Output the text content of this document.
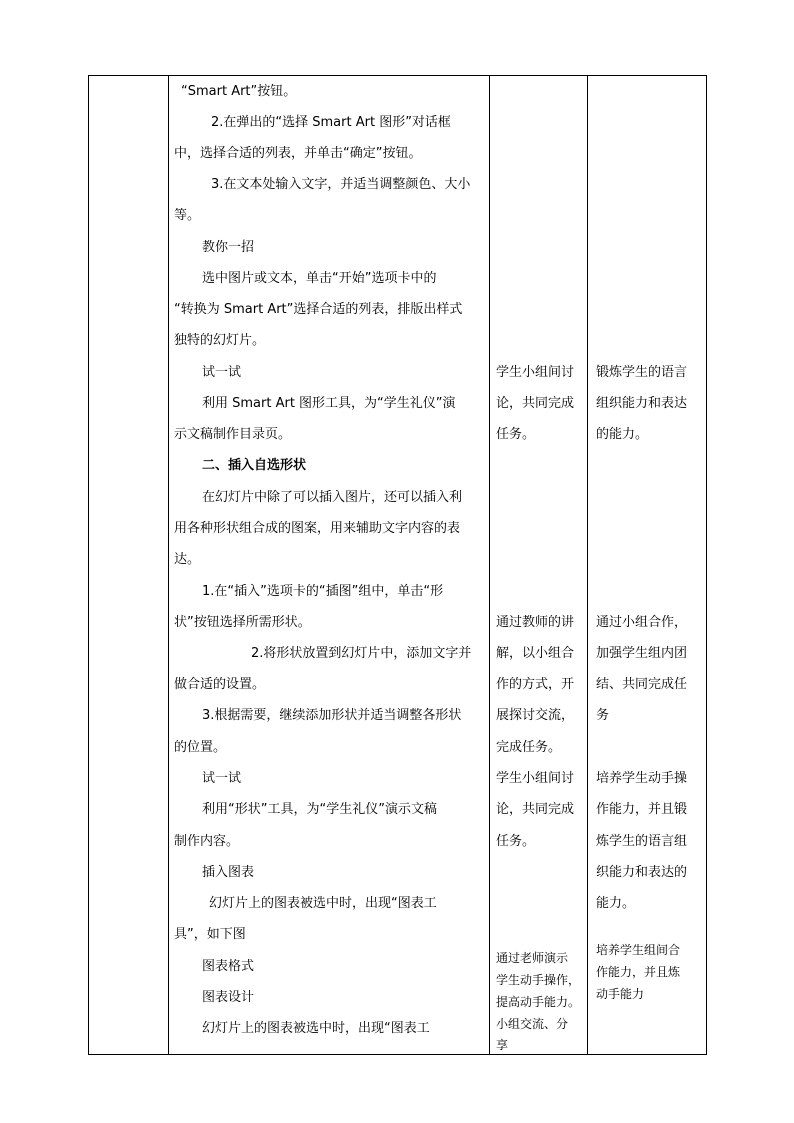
“Smart Art”按钮。
2.在弹出的“选择 Smart Art 图形”对话框
中，选择合适的列表，并单击“确定”按钮。
3.在文本处输入文字，并适当调整颜色、大小
等。
教你一招
选中图片或文本，单击“开始”选项卡中的
“转换为 Smart Art”选择合适的列表，排版出样式
独特的幻灯片。
试一试
利用 Smart Art 图形工具，为“学生礼仪”演
示文稿制作目录页。
二、插入自选形状
在幻灯片中除了可以插入图片，还可以插入利
用各种形状组合成的图案，用来辅助文字内容的表
达。
1.在“插入”选项卡的“插图”组中，单击“形
状”按钮选择所需形状。
2.将形状放置到幻灯片中，添加文字并
做合适的设置。
3.根据需要，继续添加形状并适当调整各形状
的位置。
试一试
利用“形状”工具，为“学生礼仪”演示文稿
制作内容。
插入图表
幻灯片上的图表被选中时，出现“图表工
具”，如下图
图表格式
图表设计
幻灯片上的图表被选中时，出现“图表工
学生小组间讨
论，共同完成
任务。
通过教师的讲
解，以小组合
作的方式，开
展探讨交流，
完成任务。
学生小组间讨
论，共同完成
任务。
通过老师演示
学生动手操作，
提高动手能力。
小组交流、分
享
锻炼学生的语言
组织能力和表达
的能力。
通过小组合作，
加强学生组内团
结、共同完成任
务
培养学生动手操
作能力，并且锻
炼学生的语言组
织能力和表达的
能力。
培养学生组间合
作能力，并且炼
动手能力
